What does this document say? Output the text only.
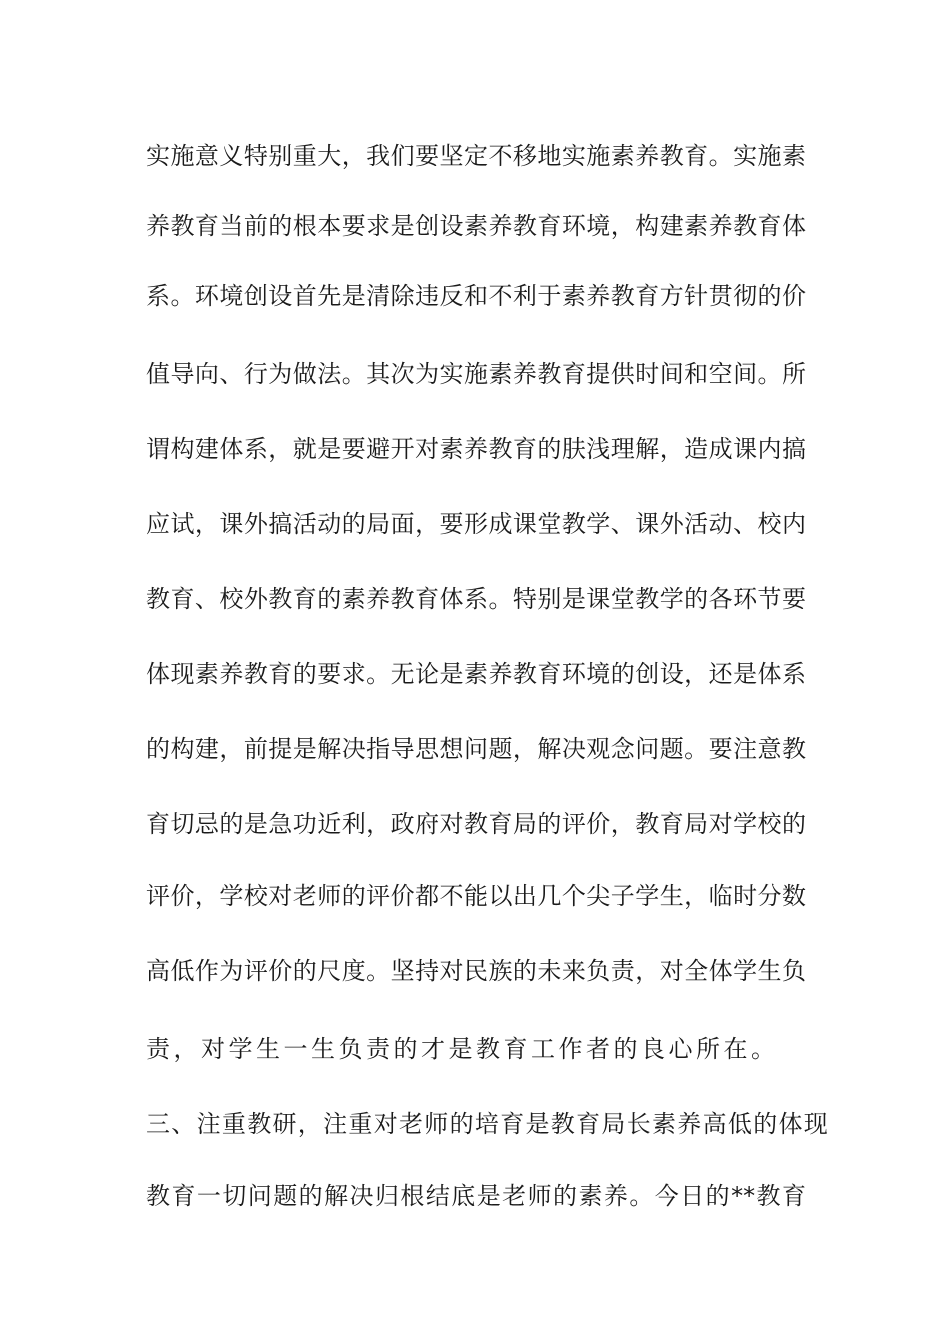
实施意义特别重大，我们要坚定不移地实施素养教育。实施素
养教育当前的根本要求是创设素养教育环境，构建素养教育体
系。环境创设首先是清除违反和不利于素养教育方针贯彻的价
值导向、行为做法。其次为实施素养教育提供时间和空间。所
谓构建体系，就是要避开对素养教育的肤浅理解，造成课内搞
应试，课外搞活动的局面，要形成课堂教学、课外活动、校内
教育、校外教育的素养教育体系。特别是课堂教学的各环节要
体现素养教育的要求。无论是素养教育环境的创设，还是体系
的构建，前提是解决指导思想问题，解决观念问题。要注意教
育切忌的是急功近利，政府对教育局的评价，教育局对学校的
评价，学校对老师的评价都不能以出几个尖子学生，临时分数
高低作为评价的尺度。坚持对民族的未来负责，对全体学生负
责，对学生一生负责的才是教育工作者的良心所在。
三、注重教研，注重对老师的培育是教育局长素养高低的体现
教育一切问题的解决归根结底是老师的素养。今日的**教育
